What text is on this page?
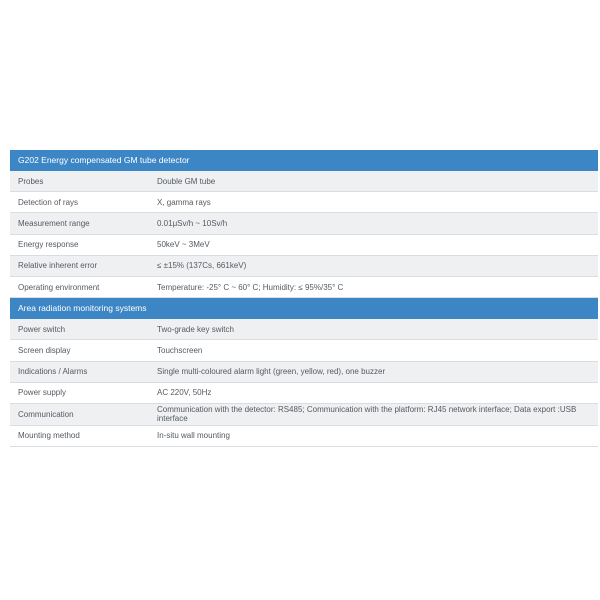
G202 Energy compensated GM tube detector
Probes	Double GM tube
Detection of rays	X, gamma rays
Measurement range	0.01μSv/h ~ 10Sv/h
Energy response	50keV ~ 3MeV
Relative inherent error	≤ ±15% (137Cs, 661keV)
Operating environment	Temperature: -25° C ~ 60° C; Humidity: ≤ 95%/35° C
Area radiation monitoring systems
Power switch	Two-grade key switch
Screen display	Touchscreen
Indications / Alarms	Single multi-coloured alarm light (green, yellow, red), one buzzer
Power supply	AC 220V, 50Hz
Communication	Communication with the detector: RS485; Communication with the platform: RJ45 network interface; Data export :USB interface
Mounting method	In-situ wall mounting
